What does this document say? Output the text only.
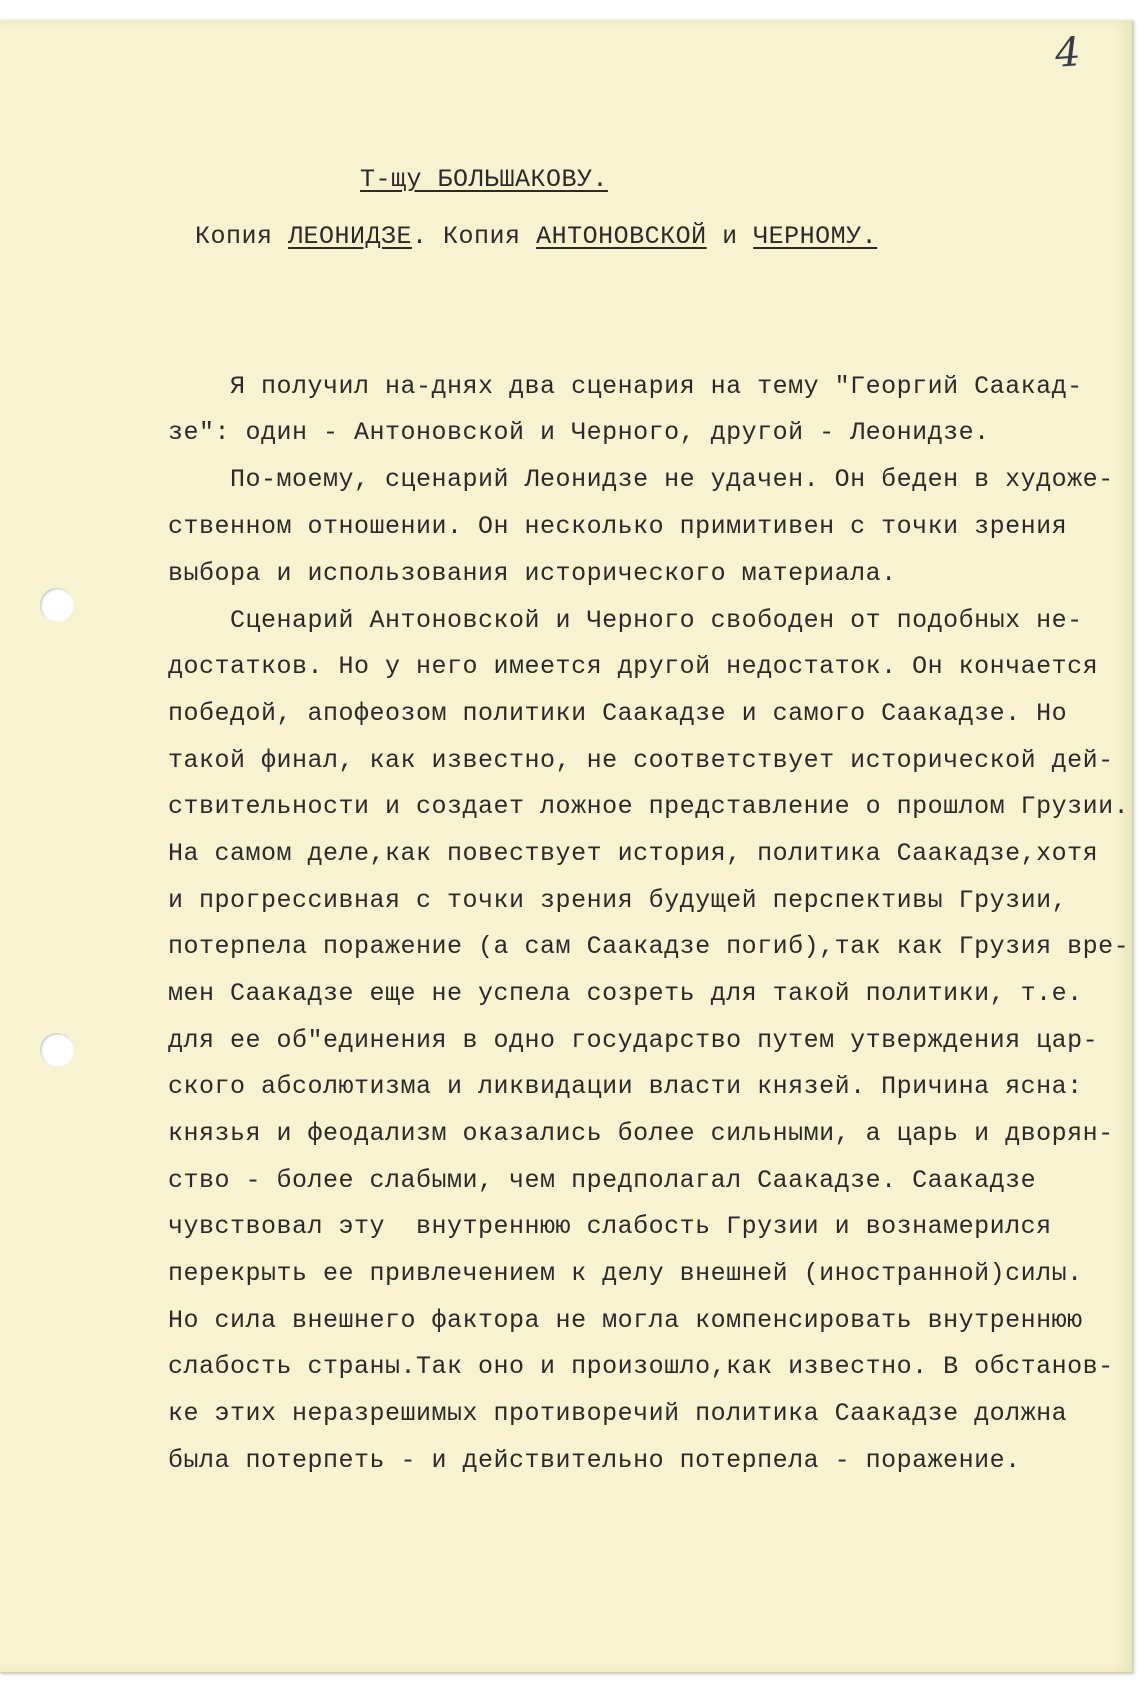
4
Т-щу БОЛЬШАКОВУ.
Копия ЛЕОНИДЗЕ. Копия АНТОНОВСКОЙ и ЧЕРНОМУ.
Я получил на-днях два сценария на тему "Георгий Саакад-
зе": один - Антоновской и Черного, другой - Леонидзе.
По-моему, сценарий Леонидзе не удачен. Он беден в художе-
ственном отношении. Он несколько примитивен с точки зрения
выбора и использования исторического материала.
Сценарий Антоновской и Черного свободен от подобных не-
достатков. Но у него имеется другой недостаток. Он кончается
победой, апофеозом политики Саакадзе и самого Саакадзе. Но
такой финал, как известно, не соответствует исторической дей-
ствительности и создает ложное представление о прошлом Грузии.
На самом деле,как повествует история, политика Саакадзе,хотя
и прогрессивная с точки зрения будущей перспективы Грузии,
потерпела поражение (а сам Саакадзе погиб),так как Грузия вре-
мен Саакадзе еще не успела созреть для такой политики, т.е.
для ее об"единения в одно государство путем утверждения цар-
ского абсолютизма и ликвидации власти князей. Причина ясна:
князья и феодализм оказались более сильными, а царь и дворян-
ство - более слабыми, чем предполагал Саакадзе. Саакадзе
чувствовал эту  внутреннюю слабость Грузии и вознамерился
перекрыть ее привлечением к делу внешней (иностранной)силы.
Но сила внешнего фактора не могла компенсировать внутреннюю
слабость страны.Так оно и произошло,как известно. В обстанов-
ке этих неразрешимых противоречий политика Саакадзе должна
была потерпеть - и действительно потерпела - поражение.
